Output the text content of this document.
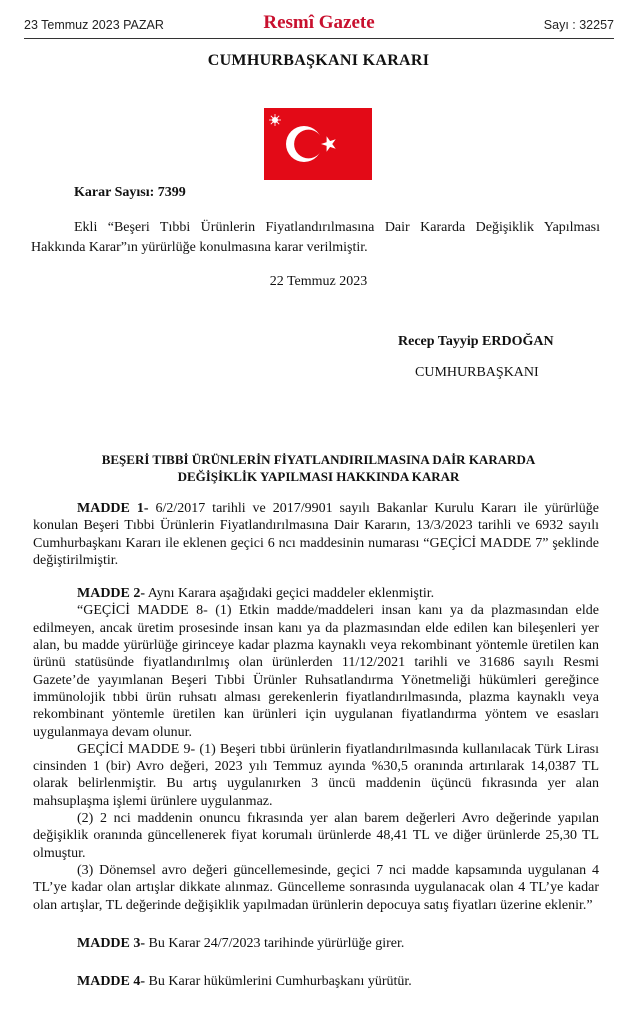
23 Temmuz 2023 PAZAR	Resmî Gazete	Sayı : 32257
CUMHURBAŞKANI KARARI
Karar Sayısı: 7399

Ekli “Beşeri Tıbbi Ürünlerin Fiyatlandırılmasına Dair Kararda Değişiklik Yapılması Hakkında Karar”ın yürürlüğe konulmasına karar verilmiştir.

22 Temmuz 2023
Recep Tayyip ERDOĞAN
CUMHURBAŞKANI
BEŞERİ TIBBİ ÜRÜNLERİN FİYATLANDIRILMASINA DAİR KARARDA
DEĞİŞİKLİK YAPILMASI HAKKINDA KARAR

MADDE 1- 6/2/2017 tarihli ve 2017/9901 sayılı Bakanlar Kurulu Kararı ile yürürlüğe konulan Beşeri Tıbbi Ürünlerin Fiyatlandırılmasına Dair Kararın, 13/3/2023 tarihli ve 6932 sayılı Cumhurbaşkanı Kararı ile eklenen geçici 6 ncı maddesinin numarası “GEÇİCİ MADDE 7” şeklinde değiştirilmiştir.

MADDE 2- Aynı Karara aşağıdaki geçici maddeler eklenmiştir.

“GEÇİCİ MADDE 8- (1) Etkin madde/maddeleri insan kanı ya da plazmasından elde edilmeyen, ancak üretim prosesinde insan kanı ya da plazmasından elde edilen kan bileşenleri yer alan, bu madde yürürlüğe girinceye kadar plazma kaynaklı veya rekombinant yöntemle üretilen kan ürünü statüsünde fiyatlandırılmış olan ürünlerden 11/12/2021 tarihli ve 31686 sayılı Resmi Gazete’de yayımlanan Beşeri Tıbbi Ürünler Ruhsatlandırma Yönetmeliği hükümleri gereğince immünolojik tıbbi ürün ruhsatı alması gerekenlerin fiyatlandırılmasında, plazma kaynaklı veya rekombinant yöntemle üretilen kan ürünleri için uygulanan fiyatlandırma yöntem ve esasları uygulanmaya devam olunur.

GEÇİCİ MADDE 9- (1) Beşeri tıbbi ürünlerin fiyatlandırılmasında kullanılacak Türk Lirası cinsinden 1 (bir) Avro değeri, 2023 yılı Temmuz ayında %30,5 oranında artırılarak 14,0387 TL olarak belirlenmiştir. Bu artış uygulanırken 3 üncü maddenin üçüncü fıkrasında yer alan mahsuplaşma işlemi ürünlere uygulanmaz.

(2) 2 nci maddenin onuncu fıkrasında yer alan barem değerleri Avro değerinde yapılan değişiklik oranında güncellenerek fiyat korumalı ürünlerde 48,41 TL ve diğer ürünlerde 25,30 TL olmuştur.

(3) Dönemsel avro değeri güncellemesinde, geçici 7 nci madde kapsamında uygulanan 4 TL’ye kadar olan artışlar dikkate alınmaz. Güncelleme sonrasında uygulanacak olan 4 TL’ye kadar olan artışlar, TL değerinde değişiklik yapılmadan ürünlerin depocuya satış fiyatları üzerine eklenir.”

MADDE 3- Bu Karar 24/7/2023 tarihinde yürürlüğe girer.

MADDE 4- Bu Karar hükümlerini Cumhurbaşkanı yürütür.
